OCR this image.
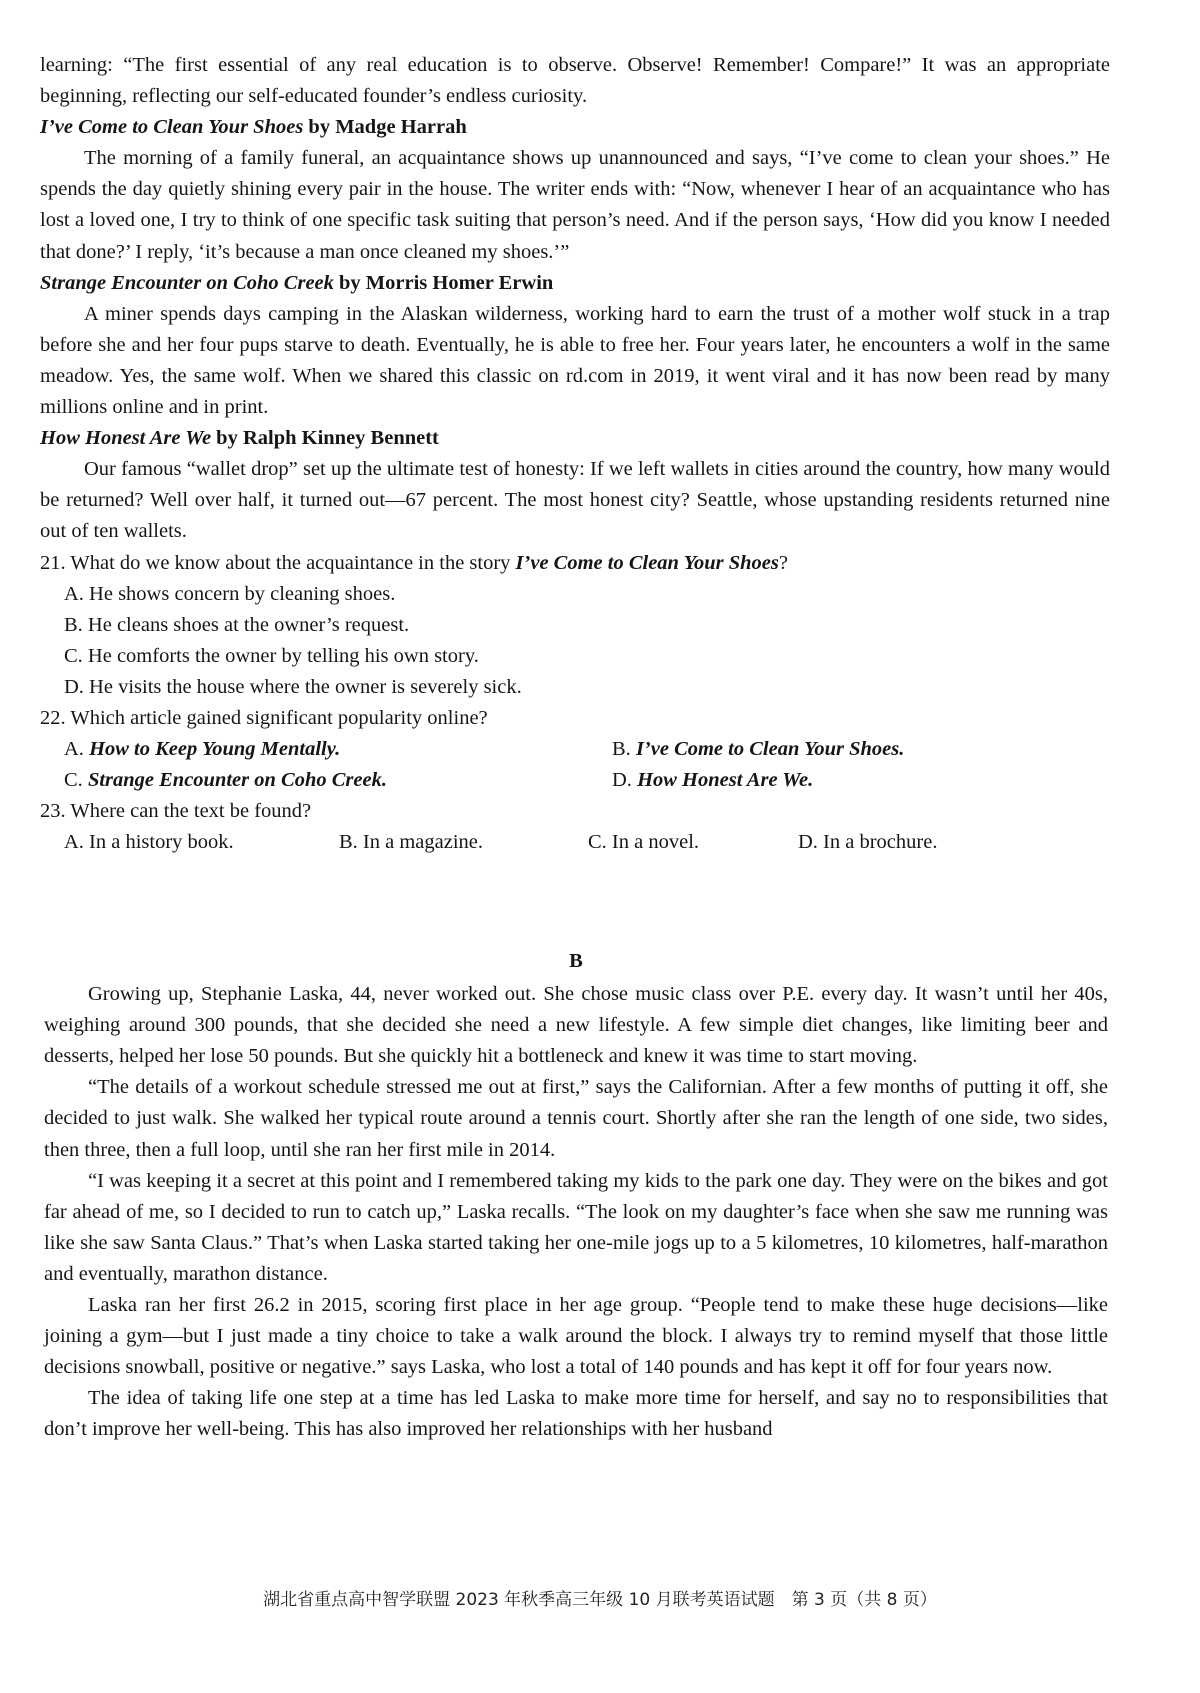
learning: “The first essential of any real education is to observe. Observe! Remember! Compare!” It was an appropriate beginning, reflecting our self-educated founder’s endless curiosity.

I’ve Come to Clean Your Shoes by Madge Harrah

The morning of a family funeral, an acquaintance shows up unannounced and says, “I’ve come to clean your shoes.” He spends the day quietly shining every pair in the house. The writer ends with: “Now, whenever I hear of an acquaintance who has lost a loved one, I try to think of one specific task suiting that person’s need. And if the person says, ‘How did you know I needed that done?’ I reply, ‘it’s because a man once cleaned my shoes.’”

Strange Encounter on Coho Creek by Morris Homer Erwin

A miner spends days camping in the Alaskan wilderness, working hard to earn the trust of a mother wolf stuck in a trap before she and her four pups starve to death. Eventually, he is able to free her. Four years later, he encounters a wolf in the same meadow. Yes, the same wolf. When we shared this classic on rd.com in 2019, it went viral and it has now been read by many millions online and in print.

How Honest Are We by Ralph Kinney Bennett

Our famous “wallet drop” set up the ultimate test of honesty: If we left wallets in cities around the country, how many would be returned? Well over half, it turned out—67 percent. The most honest city? Seattle, whose upstanding residents returned nine out of ten wallets.

21. What do we know about the acquaintance in the story I’ve Come to Clean Your Shoes?

A. He shows concern by cleaning shoes.

B. He cleans shoes at the owner’s request.

C. He comforts the owner by telling his own story.

D. He visits the house where the owner is severely sick.

22. Which article gained significant popularity online?

A. How to Keep Young Mentally.	B. I’ve Come to Clean Your Shoes.
C. Strange Encounter on Coho Creek.	D. How Honest Are We.

23. Where can the text be found?

A. In a history book.	B. In a magazine.	C. In a novel.	D. In a brochure.

B

Growing up, Stephanie Laska, 44, never worked out. She chose music class over P.E. every day. It wasn’t until her 40s, weighing around 300 pounds, that she decided she need a new lifestyle. A few simple diet changes, like limiting beer and desserts, helped her lose 50 pounds. But she quickly hit a bottleneck and knew it was time to start moving.

“The details of a workout schedule stressed me out at first,” says the Californian. After a few months of putting it off, she decided to just walk. She walked her typical route around a tennis court. Shortly after she ran the length of one side, two sides, then three, then a full loop, until she ran her first mile in 2014.

“I was keeping it a secret at this point and I remembered taking my kids to the park one day. They were on the bikes and got far ahead of me, so I decided to run to catch up,” Laska recalls. “The look on my daughter’s face when she saw me running was like she saw Santa Claus.” That’s when Laska started taking her one-mile jogs up to a 5 kilometres, 10 kilometres, half-marathon and eventually, marathon distance.

Laska ran her first 26.2 in 2015, scoring first place in her age group. “People tend to make these huge decisions—like joining a gym—but I just made a tiny choice to take a walk around the block. I always try to remind myself that those little decisions snowball, positive or negative.” says Laska, who lost a total of 140 pounds and has kept it off for four years now.

The idea of taking life one step at a time has led Laska to make more time for herself, and say no to responsibilities that don’t improve her well-being. This has also improved her relationships with her husband

湖北省重点高中智学联盟 2023 年秋季高三年级 10 月联考英语试题　第 3 页（共 8 页）
